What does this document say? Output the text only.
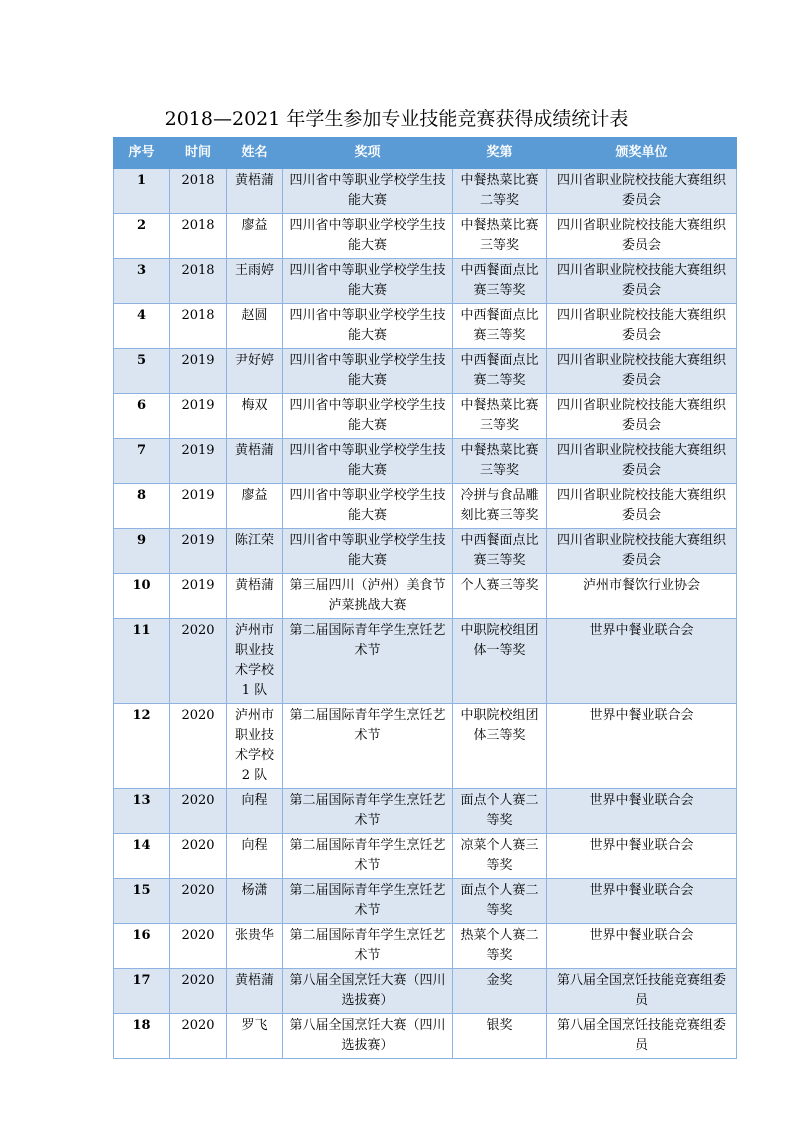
2018—2021 年学生参加专业技能竞赛获得成绩统计表
序号	时间	姓名	奖项	奖第	颁奖单位
1	2018	黄梧蒲	四川省中等职业学校学生技能大赛	中餐热菜比赛二等奖	四川省职业院校技能大赛组织委员会
2	2018	廖益	四川省中等职业学校学生技能大赛	中餐热菜比赛三等奖	四川省职业院校技能大赛组织委员会
3	2018	王雨婷	四川省中等职业学校学生技能大赛	中西餐面点比赛三等奖	四川省职业院校技能大赛组织委员会
4	2018	赵圆	四川省中等职业学校学生技能大赛	中西餐面点比赛三等奖	四川省职业院校技能大赛组织委员会
5	2019	尹好婷	四川省中等职业学校学生技能大赛	中西餐面点比赛二等奖	四川省职业院校技能大赛组织委员会
6	2019	梅双	四川省中等职业学校学生技能大赛	中餐热菜比赛三等奖	四川省职业院校技能大赛组织委员会
7	2019	黄梧蒲	四川省中等职业学校学生技能大赛	中餐热菜比赛三等奖	四川省职业院校技能大赛组织委员会
8	2019	廖益	四川省中等职业学校学生技能大赛	冷拼与食品雕刻比赛三等奖	四川省职业院校技能大赛组织委员会
9	2019	陈江荣	四川省中等职业学校学生技能大赛	中西餐面点比赛三等奖	四川省职业院校技能大赛组织委员会
10	2019	黄梧蒲	第三届四川（泸州）美食节泸菜挑战大赛	个人赛三等奖	泸州市餐饮行业协会
11	2020	泸州市职业技术学校 1 队	第二届国际青年学生烹饪艺术节	中职院校组团体一等奖	世界中餐业联合会
12	2020	泸州市职业技术学校 2 队	第二届国际青年学生烹饪艺术节	中职院校组团体三等奖	世界中餐业联合会
13	2020	向程	第二届国际青年学生烹饪艺术节	面点个人赛二等奖	世界中餐业联合会
14	2020	向程	第二届国际青年学生烹饪艺术节	凉菜个人赛三等奖	世界中餐业联合会
15	2020	杨潇	第二届国际青年学生烹饪艺术节	面点个人赛二等奖	世界中餐业联合会
16	2020	张贵华	第二届国际青年学生烹饪艺术节	热菜个人赛二等奖	世界中餐业联合会
17	2020	黄梧蒲	第八届全国烹饪大赛（四川选拔赛）	金奖	第八届全国烹饪技能竞赛组委员
18	2020	罗飞	第八届全国烹饪大赛（四川选拔赛）	银奖	第八届全国烹饪技能竞赛组委员
